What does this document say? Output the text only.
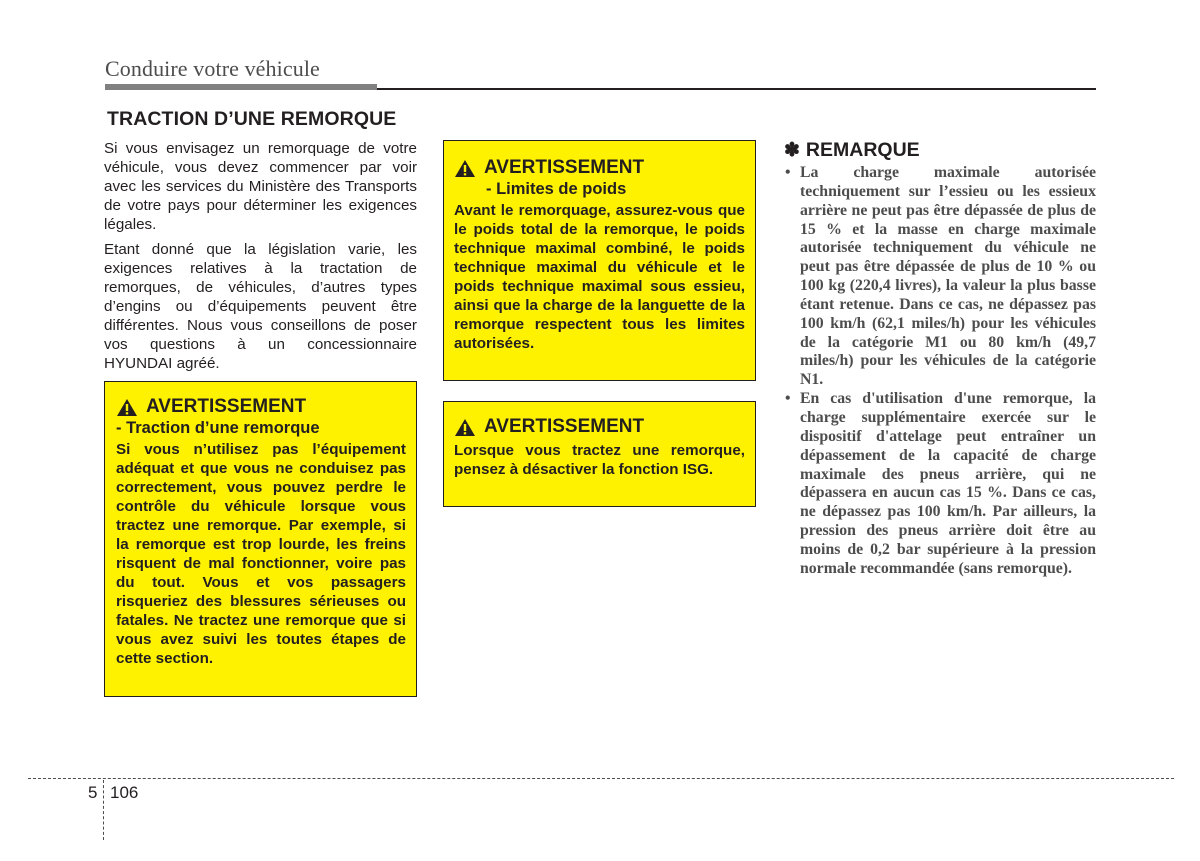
Conduire votre véhicule
TRACTION D’UNE REMORQUE

Si vous envisagez un remorquage de votre véhicule, vous devez commencer par voir avec les services du Ministère des Transports de votre pays pour déterminer les exigences légales.

Etant donné que la législation varie, les exigences relatives à la tractation de remorques, de véhicules, d’autres types d’engins ou d’équipements peuvent être différentes. Nous vous conseillons de poser vos questions à un concessionnaire HYUNDAI agréé.

AVERTISSEMENT
- Traction d’une remorque

Si vous n’utilisez pas l’équipement adéquat et que vous ne conduisez pas correctement, vous pouvez perdre le contrôle du véhicule lorsque vous tractez une remorque. Par exemple, si la remorque est trop lourde, les freins risquent de mal fonctionner, voire pas du tout. Vous et vos passagers risqueriez des blessures sérieuses ou fatales. Ne tractez une remorque que si vous avez suivi les toutes étapes de cette section.

AVERTISSEMENT
- Limites de poids

Avant le remorquage, assurez-vous que le poids total de la remorque, le poids technique maximal combiné, le poids technique maximal du véhicule et le poids technique maximal sous essieu, ainsi que la charge de la languette de la remorque respectent tous les limites autorisées.

AVERTISSEMENT

Lorsque vous tractez une remorque, pensez à désactiver la fonction ISG.

✽ REMARQUE
• La charge maximale autorisée techniquement sur l’essieu ou les essieux arrière ne peut pas être dépassée de plus de 15 % et la masse en charge maximale autorisée techniquement du véhicule ne peut pas être dépassée de plus de 10 % ou 100 kg (220,4 livres), la valeur la plus basse étant retenue. Dans ce cas, ne dépassez pas 100 km/h (62,1 miles/h) pour les véhicules de la catégorie M1 ou 80 km/h (49,7 miles/h) pour les véhicules de la catégorie N1.
• En cas d'utilisation d'une remorque, la charge supplémentaire exercée sur le dispositif d'attelage peut entraîner un dépassement de la capacité de charge maximale des pneus arrière, qui ne dépassera en aucun cas 15 %. Dans ce cas, ne dépassez pas 100 km/h. Par ailleurs, la pression des pneus arrière doit être au moins de 0,2 bar supérieure à la pression normale recommandée (sans remorque).
5 106
